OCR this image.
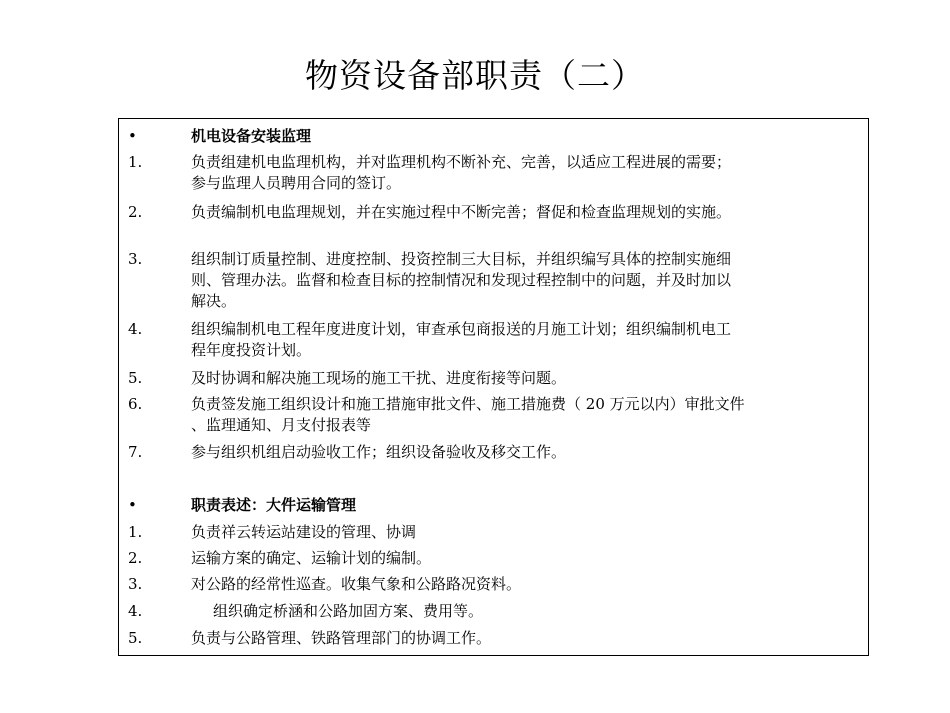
物资设备部职责（二）
•	机电设备安装监理
1.	负责组建机电监理机构，并对监理机构不断补充、完善，以适应工程进展的需要；
参与监理人员聘用合同的签订。
2.	负责编制机电监理规划，并在实施过程中不断完善；督促和检查监理规划的实施。
3.	组织制订质量控制、进度控制、投资控制三大目标，并组织编写具体的控制实施细
则、管理办法。监督和检查目标的控制情况和发现过程控制中的问题，并及时加以
解决。
4.	组织编制机电工程年度进度计划，审查承包商报送的月施工计划；组织编制机电工
程年度投资计划。
5.	及时协调和解决施工现场的施工干扰、进度衔接等问题。
6.	负责签发施工组织设计和施工措施审批文件、施工措施费（ 20 万元以内）审批文件
、监理通知、月支付报表等
7.	参与组织机组启动验收工作；组织设备验收及移交工作。
•	职责表述：大件运输管理
1.	负责祥云转运站建设的管理、协调
2.	运输方案的确定、运输计划的编制。
3.	对公路的经常性巡查。收集气象和公路路况资料。
4.	组织确定桥涵和公路加固方案、费用等。
5.	负责与公路管理、铁路管理部门的协调工作。
